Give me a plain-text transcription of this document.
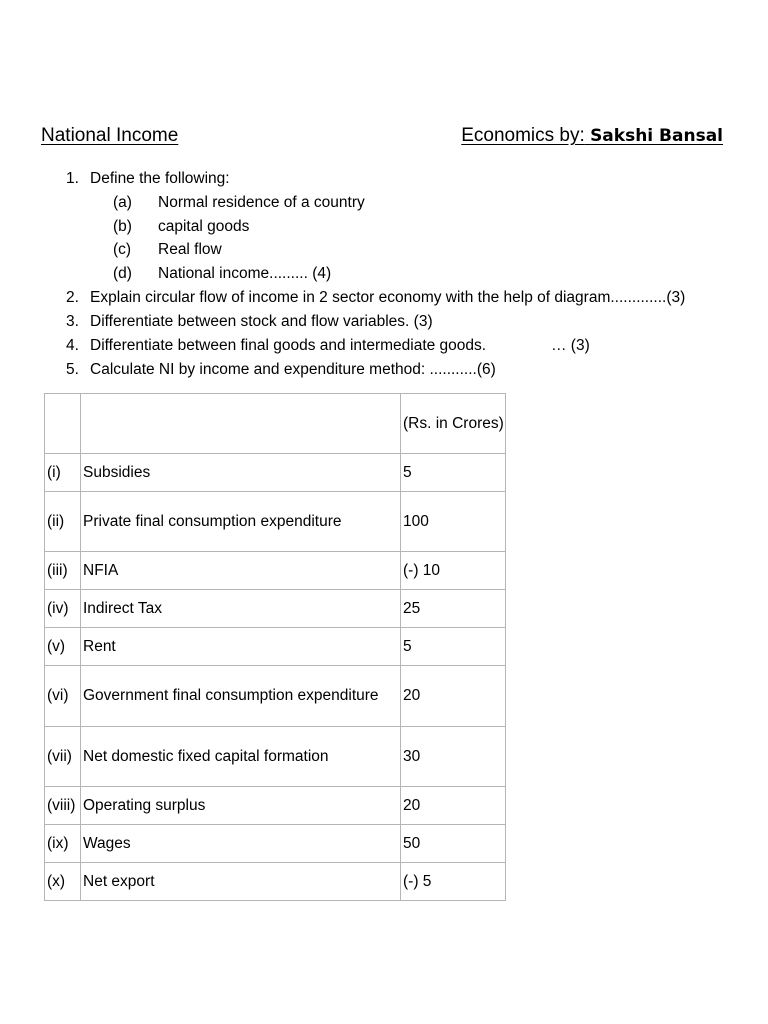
National Income	Economics by: Sakshi Bansal
1. Define the following:
(a) Normal residence of a country
(b) capital goods
(c) Real flow
(d) National income......... (4)
2. Explain circular flow of income in 2 sector economy with the help of diagram.............(3)
3. Differentiate between stock and flow variables. (3)
4. Differentiate between final goods and intermediate goods.	… (3)
5. Calculate NI by income and expenditure method: ...........(6)
		(Rs. in Crores)
(i)	Subsidies	5
(ii)	Private final consumption expenditure	100
(iii)	NFIA	(-) 10
(iv)	Indirect Tax	25
(v)	Rent	5
(vi)	Government final consumption expenditure	20
(vii)	Net domestic fixed capital formation	30
(viii)	Operating surplus	20
(ix)	Wages	50
(x)	Net export	(-) 5
